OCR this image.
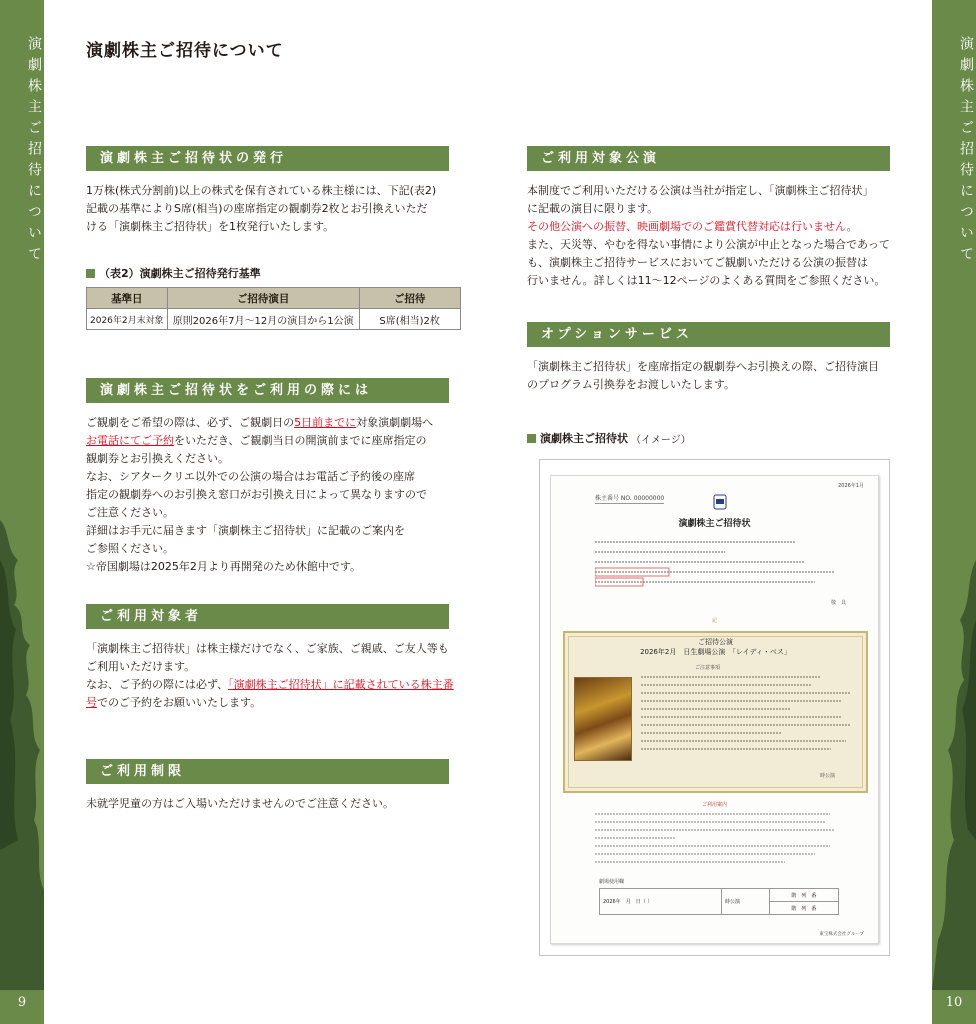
演劇株主ご招待について
9
演劇株主ご招待について
10
演劇株主ご招待について
演劇株主ご招待状の発行

1万株(株式分割前)以上の株式を保有されている株主様には、下記(表2)

記載の基準によりS席(相当)の座席指定の観劇券2枚とお引換えいただ

ける「演劇株主ご招待状」を1枚発行いたします。

（表2）演劇株主ご招待発行基準
基準日	ご招待演目	ご招待
2026年2月末対象	原則2026年7月～12月の演目から1公演	S席(相当)2枚
演劇株主ご招待状をご利用の際には

ご観劇をご希望の際は、必ず、ご観劇日の5日前までに対象演劇劇場へ

お電話にてご予約をいただき、ご観劇当日の開演前までに座席指定の

観劇券とお引換えください。

なお、シアタークリエ以外での公演の場合はお電話ご予約後の座席

指定の観劇券へのお引換え窓口がお引換え日によって異なりますので

ご注意ください。

詳細はお手元に届きます「演劇株主ご招待状」に記載のご案内を

ご参照ください。

☆帝国劇場は2025年2月より再開発のため休館中です。

ご利用対象者

「演劇株主ご招待状」は株主様だけでなく、ご家族、ご親戚、ご友人等も

ご利用いただけます。

なお、ご予約の際には必ず、「演劇株主ご招待状」に記載されている株主番

号でのご予約をお願いいたします。

ご利用制限
未就学児童の方はご入場いただけませんのでご注意ください。
ご利用対象公演

本制度でご利用いただける公演は当社が指定し、「演劇株主ご招待状」

に記載の演目に限ります。

その他公演への振替、映画劇場でのご鑑賞代替対応は行いません。

また、天災等、やむを得ない事情により公演が中止となった場合であって

も、演劇株主ご招待サービスにおいてご観劇いただける公演の振替は

行いません。詳しくは11～12ページのよくある質問をご参照ください。

オプションサービス

「演劇株主ご招待状」を座席指定の観劇券へお引換えの際、ご招待演目

のプログラム引換券をお渡しいたします。

演劇株主ご招待状 （イメージ）
2026年1月
株主番号 NO. 00000000
演劇株主ご招待状
敬　具
記
ご招待公演
2026年2月　日生劇場公演　「レイディ・ベス」
ご注意事項
時公演
ご利用案内
劇場使用欄
2026年　月　日（ ）	時公演	階　列　番
階　列　番
東宝株式会社グループ
